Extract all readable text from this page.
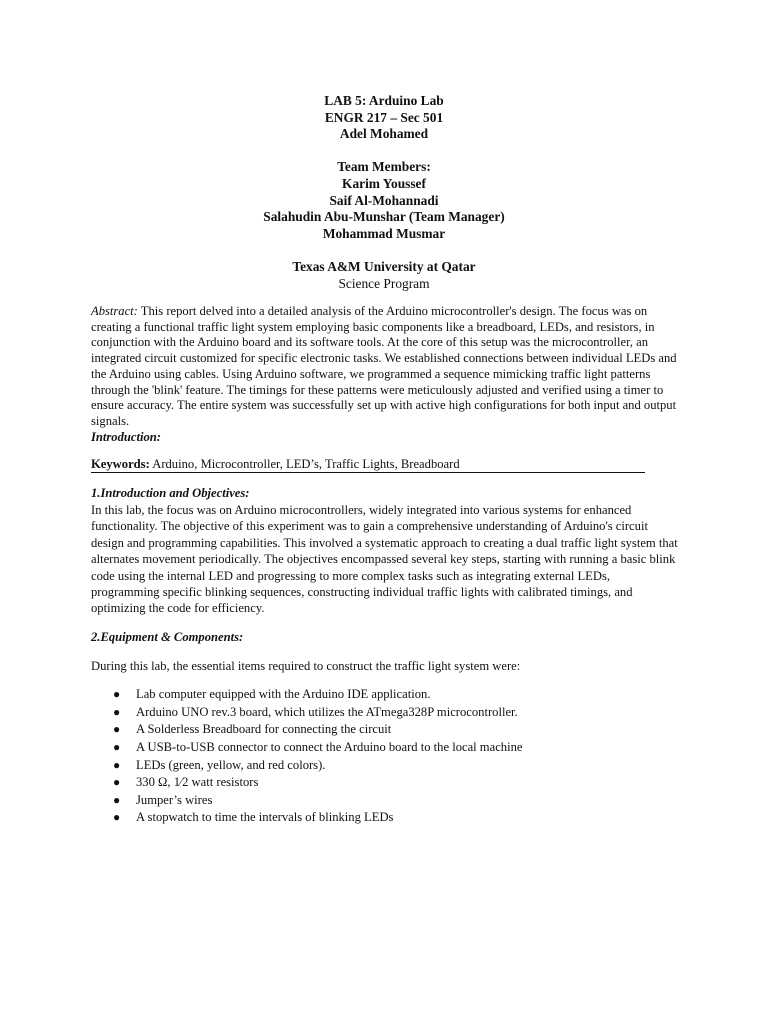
LAB 5: Arduino Lab
ENGR 217 – Sec 501
Adel Mohamed
Team Members:
Karim Youssef
Saif Al-Mohannadi
Salahudin Abu-Munshar (Team Manager)
Mohammad Musmar
Texas A&M University at Qatar
Science Program

Abstract: This report delved into a detailed analysis of the Arduino microcontroller's design. The focus was on creating a functional traffic light system employing basic components like a breadboard, LEDs, and resistors, in conjunction with the Arduino board and its software tools. At the core of this setup was the microcontroller, an integrated circuit customized for specific electronic tasks. We established connections between individual LEDs and the Arduino using cables. Using Arduino software, we programmed a sequence mimicking traffic light patterns through the 'blink' feature. The timings for these patterns were meticulously adjusted and verified using a timer to ensure accuracy. The entire system was successfully set up with active high configurations for both input and output signals.

Introduction:

Keywords: Arduino, Microcontroller, LED’s, Traffic Lights, Breadboard

1.Introduction and Objectives:

In this lab, the focus was on Arduino microcontrollers, widely integrated into various systems for enhanced functionality. The objective of this experiment was to gain a comprehensive understanding of Arduino's circuit design and programming capabilities. This involved a systematic approach to creating a dual traffic light system that alternates movement periodically. The objectives encompassed several key steps, starting with running a basic blink code using the internal LED and progressing to more complex tasks such as integrating external LEDs, programming specific blinking sequences, constructing individual traffic lights with calibrated timings, and optimizing the code for efficiency.

2.Equipment & Components:

During this lab, the essential items required to construct the traffic light system were:

● Lab computer equipped with the Arduino IDE application.
● Arduino UNO rev.3 board, which utilizes the ATmega328P microcontroller.
● A Solderless Breadboard for connecting the circuit
● A USB-to-USB connector to connect the Arduino board to the local machine
● LEDs (green, yellow, and red colors).
● 330 Ω, 1⁄2 watt resistors
● Jumper’s wires
● A stopwatch to time the intervals of blinking LEDs
